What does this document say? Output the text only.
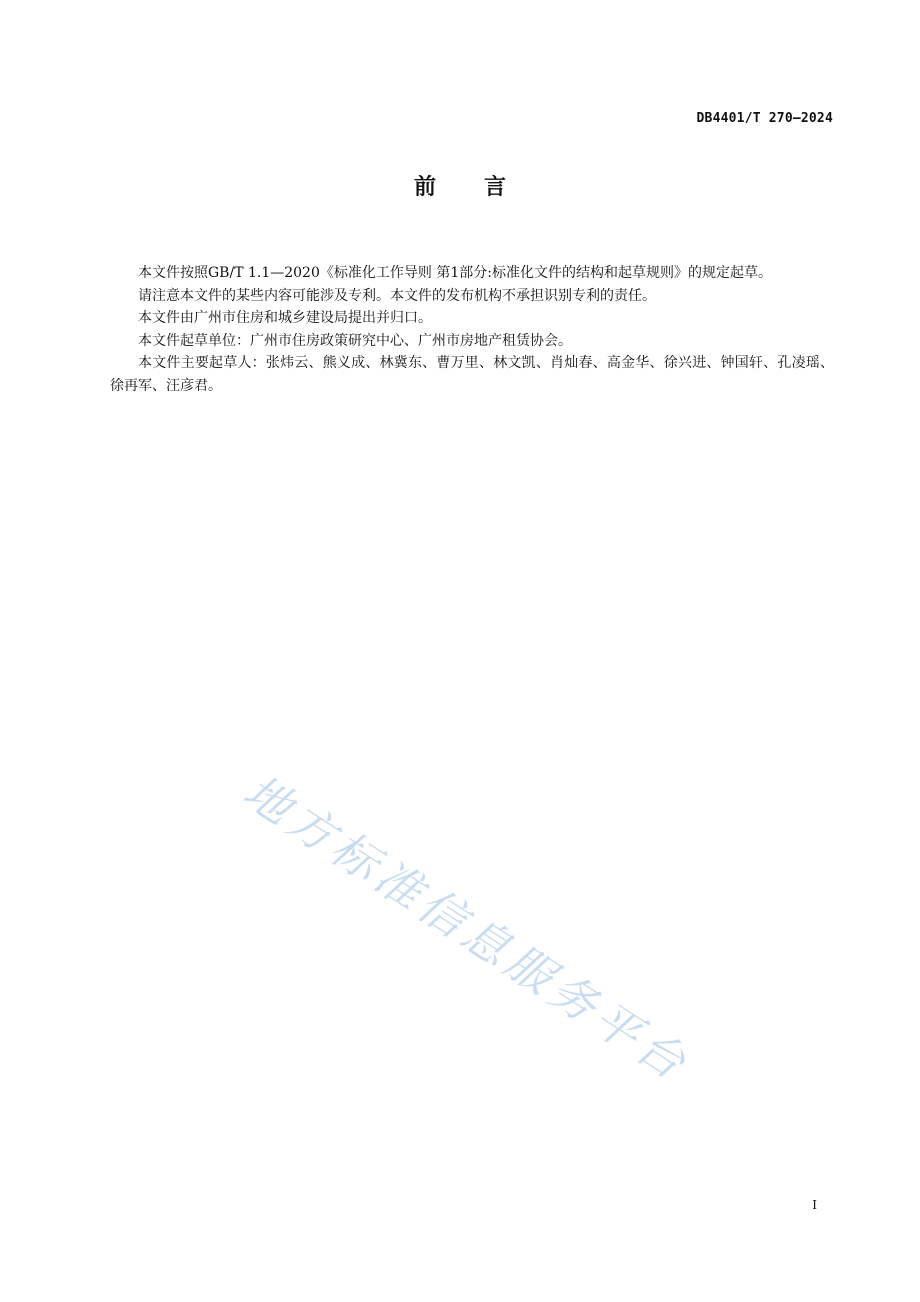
DB4401/T 270—2024
前言

本文件按照GB/T 1.1—2020《标准化工作导则 第1部分:标准化文件的结构和起草规则》的规定起草。

请注意本文件的某些内容可能涉及专利。本文件的发布机构不承担识别专利的责任。

本文件由广州市住房和城乡建设局提出并归口。

本文件起草单位：广州市住房政策研究中心、广州市房地产租赁协会。

本文件主要起草人：张炜云、熊义成、林冀东、曹万里、林文凯、肖灿春、高金华、徐兴进、钟国轩、孔凌瑶、徐再军、汪彦君。

地方标准信息服务平台
I
